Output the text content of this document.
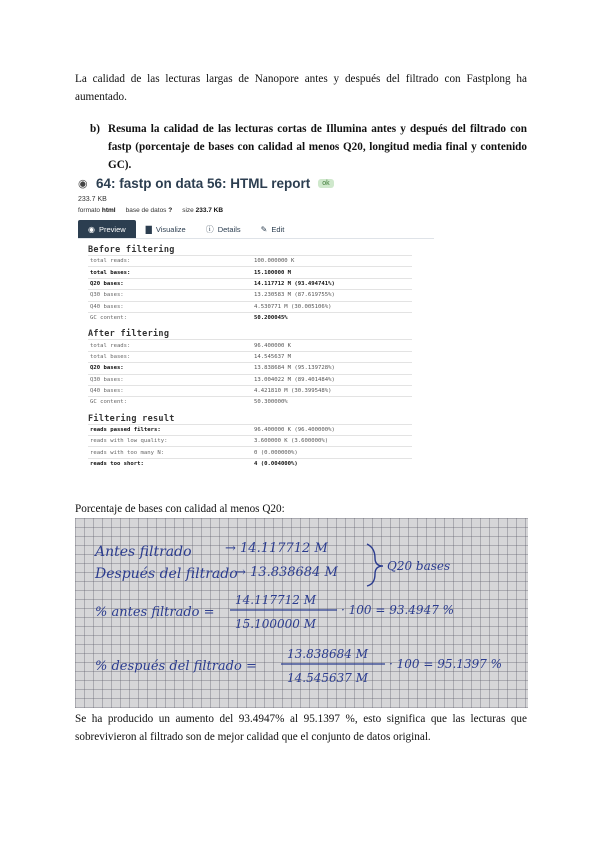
La calidad de las lecturas largas de Nanopore antes y después del filtrado con Fastplong ha aumentado.

b) Resuma la calidad de las lecturas cortas de Illumina antes y después del filtrado con fastp (porcentaje de bases con calidad al menos Q20, longitud media final y contenido GC).
◉ 64: fastp on data 56: HTML report	ok
233.7 KB
formato html base de datos ? size 233.7 KB
◉ Preview	▇ Visualize	ⓘ Details	✎ Edit
Before filtering
total reads:	100.000000 K
total bases:	15.100000 M
Q20 bases:	14.117712 M (93.494741%)
Q30 bases:	13.230583 M (87.619755%)
Q40 bases:	4.530771 M (30.005106%)
GC content:	50.200045%
After filtering
total reads:	96.400000 K
total bases:	14.545637 M
Q20 bases:	13.838684 M (95.139728%)
Q30 bases:	13.004022 M (89.401484%)
Q40 bases:	4.421810 M (30.399548%)
GC content:	50.300000%
Filtering result
reads passed filters:	96.400000 K (96.400000%)
reads with low quality:	3.600000 K (3.600000%)
reads with too many N:	0 (0.000000%)
reads too short:	4 (0.004000%)

Porcentaje de bases con calidad al menos Q20:

Antes filtrado	→ 14.117712 M
Después del filtrado
→ 13.838684 M	Q20 bases
% antes filtrado =
14.117712 M
15.100000 M
· 100 = 93.4947 %
% después del filtrado =
13.838684 M
14.545637 M
· 100 = 95.1397 %

Se ha producido un aumento del 93.4947% al 95.1397 %, esto significa que las lecturas que sobrevivieron al filtrado son de mejor calidad que el conjunto de datos original.
